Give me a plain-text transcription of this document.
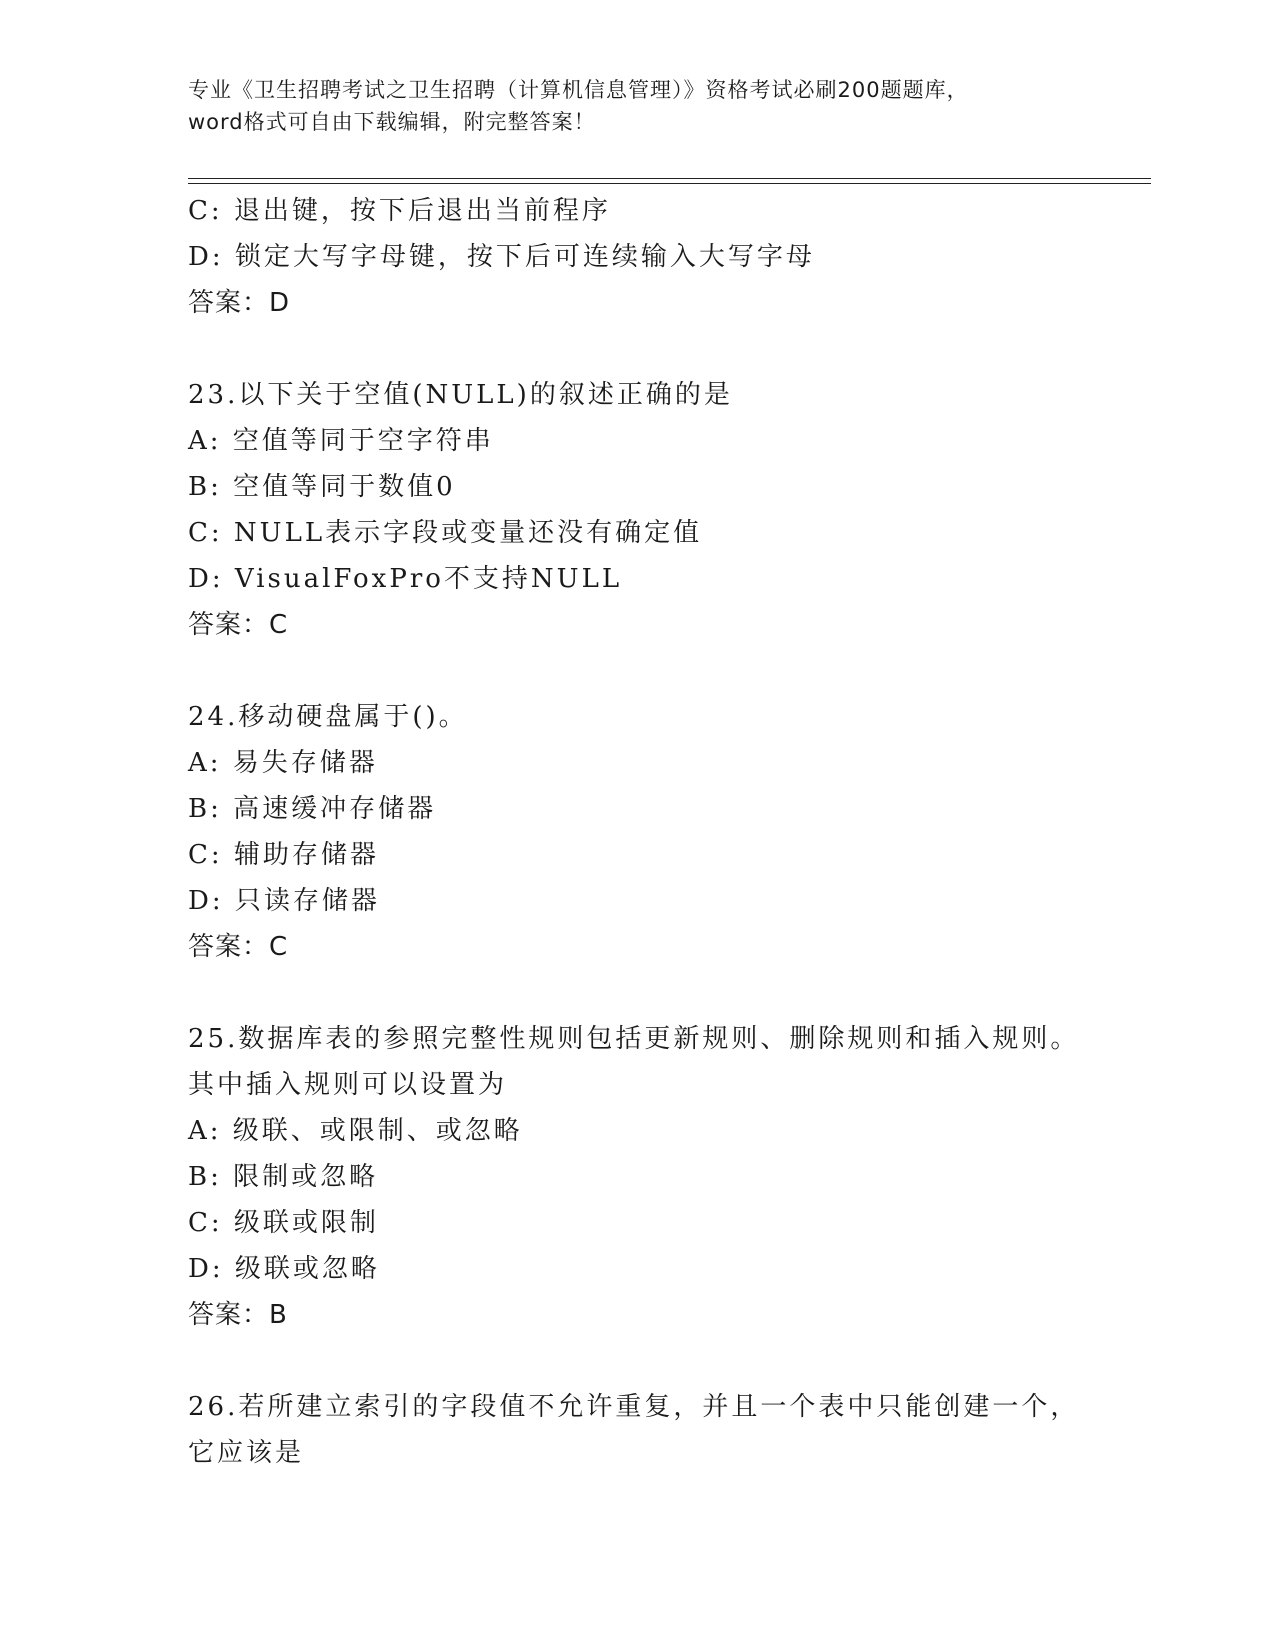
专业《卫生招聘考试之卫生招聘（计算机信息管理）》资格考试必刷200题题库，
word格式可自由下载编辑，附完整答案！
C: 退出键，按下后退出当前程序
D: 锁定大写字母键，按下后可连续输入大写字母
答案：D
23.以下关于空值(NULL)的叙述正确的是
A: 空值等同于空字符串
B: 空值等同于数值0
C: NULL表示字段或变量还没有确定值
D: VisualFoxPro不支持NULL
答案：C
24.移动硬盘属于()。
A: 易失存储器
B: 高速缓冲存储器
C: 辅助存储器
D: 只读存储器
答案：C
25.数据库表的参照完整性规则包括更新规则、删除规则和插入规则。
其中插入规则可以设置为
A: 级联、或限制、或忽略
B: 限制或忽略
C: 级联或限制
D: 级联或忽略
答案：B
26.若所建立索引的字段值不允许重复，并且一个表中只能创建一个，
它应该是
